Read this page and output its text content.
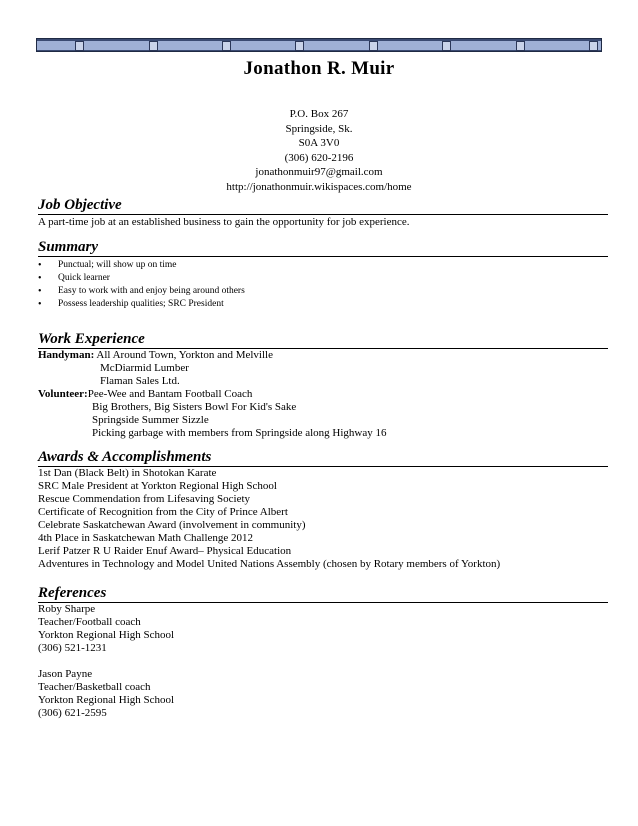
Jonathon R. Muir
P.O. Box 267
Springside, Sk.
S0A 3V0
(306) 620-2196
jonathonmuir97@gmail.com
http://jonathonmuir.wikispaces.com/home
Job Objective
A part-time job at an established business to gain the opportunity for job experience.
Summary
• Punctual; will show up on time
• Quick learner
• Easy to work with and enjoy being around others
• Possess leadership qualities; SRC President
Work Experience
Handyman: All Around Town, Yorkton and Melville
McDiarmid Lumber
Flaman Sales Ltd.
Volunteer:Pee-Wee and Bantam Football Coach
Big Brothers, Big Sisters Bowl For Kid's Sake
Springside Summer Sizzle
Picking garbage with members from Springside along Highway 16
Awards & Accomplishments
1st Dan (Black Belt) in Shotokan Karate
SRC Male President at Yorkton Regional High School
Rescue Commendation from Lifesaving Society
Certificate of Recognition from the City of Prince Albert
Celebrate Saskatchewan Award (involvement in community)
4th Place in Saskatchewan Math Challenge 2012
Lerif Patzer R U Raider Enuf Award– Physical Education
Adventures in Technology and Model United Nations Assembly (chosen by Rotary members of Yorkton)
References
Roby Sharpe
Teacher/Football coach
Yorkton Regional High School
(306) 521-1231
Jason Payne
Teacher/Basketball coach
Yorkton Regional High School
(306) 621-2595
